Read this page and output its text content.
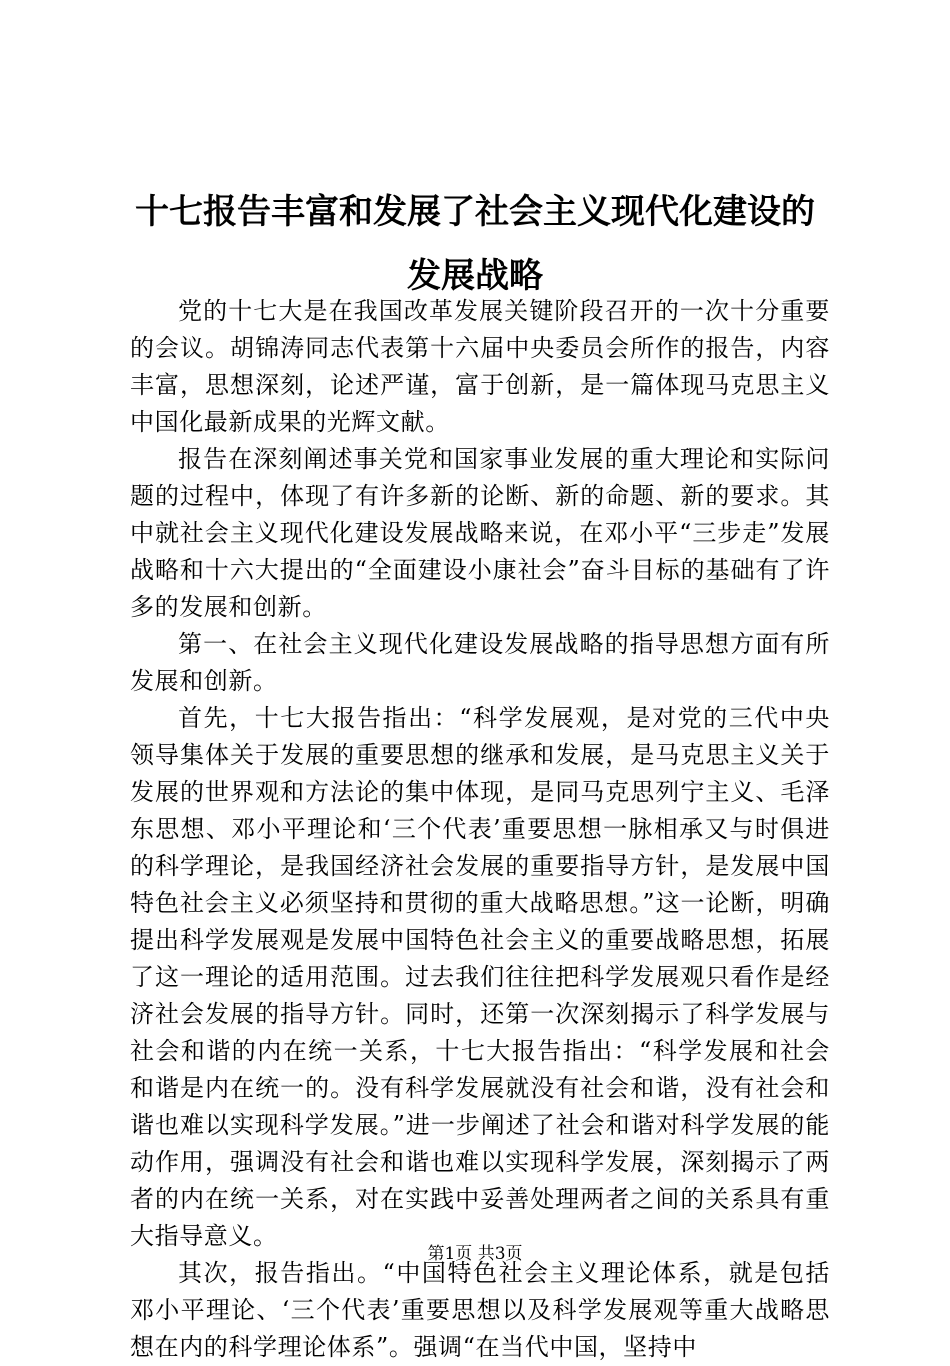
十七报告丰富和发展了社会主义现代化建设的
发展战略

党的十七大是在我国改革发展关键阶段召开的一次十分重要的会议。胡锦涛同志代表第十六届中央委员会所作的报告，内容丰富，思想深刻，论述严谨，富于创新，是一篇体现马克思主义中国化最新成果的光辉文献。

报告在深刻阐述事关党和国家事业发展的重大理论和实际问题的过程中，体现了有许多新的论断、新的命题、新的要求。其中就社会主义现代化建设发展战略来说，在邓小平“三步走”发展战略和十六大提出的“全面建设小康社会”奋斗目标的基础有了许多的发展和创新。

第一、在社会主义现代化建设发展战略的指导思想方面有所发展和创新。

首先，十七大报告指出：“科学发展观，是对党的三代中央领导集体关于发展的重要思想的继承和发展，是马克思主义关于发展的世界观和方法论的集中体现，是同马克思列宁主义、毛泽东思想、邓小平理论和‘三个代表’重要思想一脉相承又与时俱进的科学理论，是我国经济社会发展的重要指导方针，是发展中国特色社会主义必须坚持和贯彻的重大战略思想。”这一论断，明确提出科学发展观是发展中国特色社会主义的重要战略思想，拓展了这一理论的适用范围。过去我们往往把科学发展观只看作是经济社会发展的指导方针。同时，还第一次深刻揭示了科学发展与社会和谐的内在统一关系，十七大报告指出：“科学发展和社会和谐是内在统一的。没有科学发展就没有社会和谐，没有社会和谐也难以实现科学发展。”进一步阐述了社会和谐对科学发展的能动作用，强调没有社会和谐也难以实现科学发展，深刻揭示了两者的内在统一关系，对在实践中妥善处理两者之间的关系具有重大指导意义。

其次，报告指出。“中国特色社会主义理论体系，就是包括邓小平理论、‘三个代表’重要思想以及科学发展观等重大战略思想在内的科学理论体系”。强调“在当代中国，坚持中

第1页 共3页
